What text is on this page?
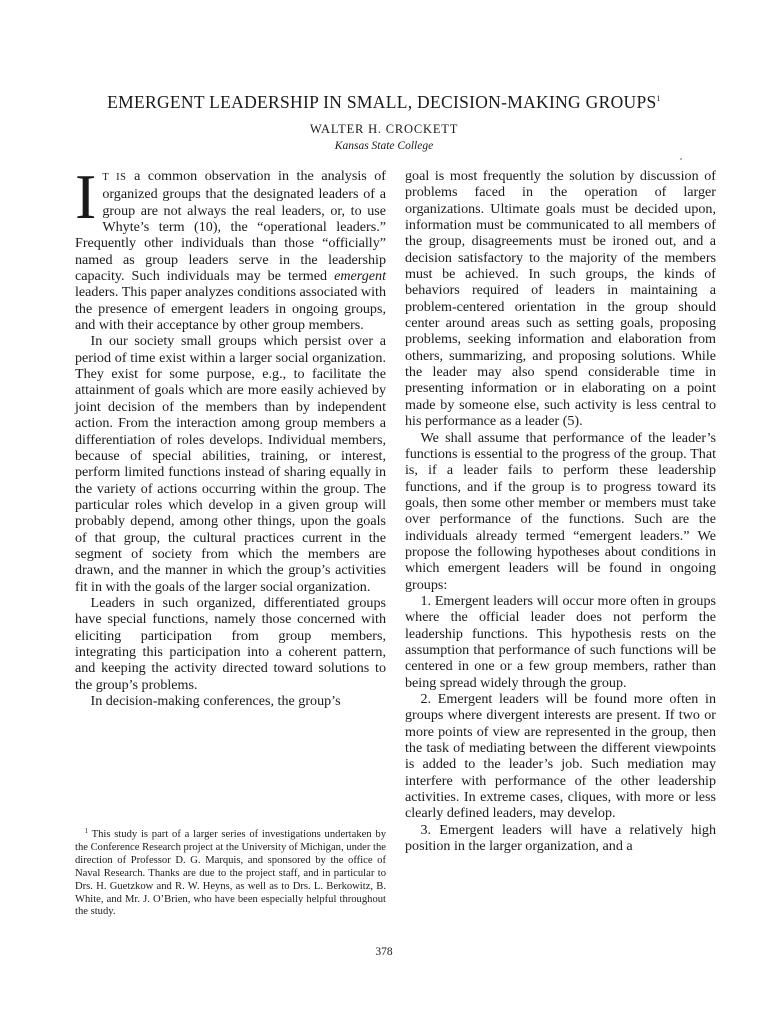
EMERGENT LEADERSHIP IN SMALL, DECISION-MAKING GROUPS$^1$
WALTER H. CROCKETT
Kansas State College

I T IS a common observation in the analysis of organized groups that the designated leaders of a group are not always the real leaders, or, to use Whyte’s term (10), the “operational leaders.” Frequently other individuals than those “officially” named as group leaders serve in the leadership capacity. Such individuals may be termed emergent leaders. This paper analyzes conditions associated with the presence of emergent leaders in ongoing groups, and with their acceptance by other group members.

In our society small groups which persist over a period of time exist within a larger social organization. They exist for some purpose, e.g., to facilitate the attainment of goals which are more easily achieved by joint decision of the members than by independent action. From the interaction among group members a differentiation of roles develops. Individual members, because of special abilities, training, or interest, perform limited functions instead of sharing equally in the variety of actions occurring within the group. The particular roles which develop in a given group will probably depend, among other things, upon the goals of that group, the cultural practices current in the segment of society from which the members are drawn, and the manner in which the group’s activities fit in with the goals of the larger social organization.

Leaders in such organized, differentiated groups have special functions, namely those concerned with eliciting participation from group members, integrating this participation into a coherent pattern, and keeping the activity directed toward solutions to the group’s problems.

In decision-making conferences, the group’s

$^1$ This study is part of a larger series of investigations undertaken by the Conference Research project at the University of Michigan, under the direction of Professor D. G. Marquis, and sponsored by the office of Naval Research. Thanks are due to the project staff, and in particular to Drs. H. Guetzkow and R. W. Heyns, as well as to Drs. L. Berkowitz, B. White, and Mr. J. O’Brien, who have been especially helpful throughout the study.

goal is most frequently the solution by discussion of problems faced in the operation of larger organizations. Ultimate goals must be decided upon, information must be communicated to all members of the group, disagreements must be ironed out, and a decision satisfactory to the majority of the members must be achieved. In such groups, the kinds of behaviors required of leaders in maintaining a problem-centered orientation in the group should center around areas such as setting goals, proposing problems, seeking information and elaboration from others, summarizing, and proposing solutions. While the leader may also spend considerable time in presenting information or in elaborating on a point made by someone else, such activity is less central to his performance as a leader (5).

We shall assume that performance of the leader’s functions is essential to the progress of the group. That is, if a leader fails to perform these leadership functions, and if the group is to progress toward its goals, then some other member or members must take over performance of the functions. Such are the individuals already termed “emergent leaders.” We propose the following hypotheses about conditions in which emergent leaders will be found in ongoing groups:

1. Emergent leaders will occur more often in groups where the official leader does not perform the leadership functions. This hypothesis rests on the assumption that performance of such functions will be centered in one or a few group members, rather than being spread widely through the group.

2. Emergent leaders will be found more often in groups where divergent interests are present. If two or more points of view are represented in the group, then the task of mediating between the different viewpoints is added to the leader’s job. Such mediation may interfere with performance of the other leadership activities. In extreme cases, cliques, with more or less clearly defined leaders, may develop.

3. Emergent leaders will have a relatively high position in the larger organization, and a

378
